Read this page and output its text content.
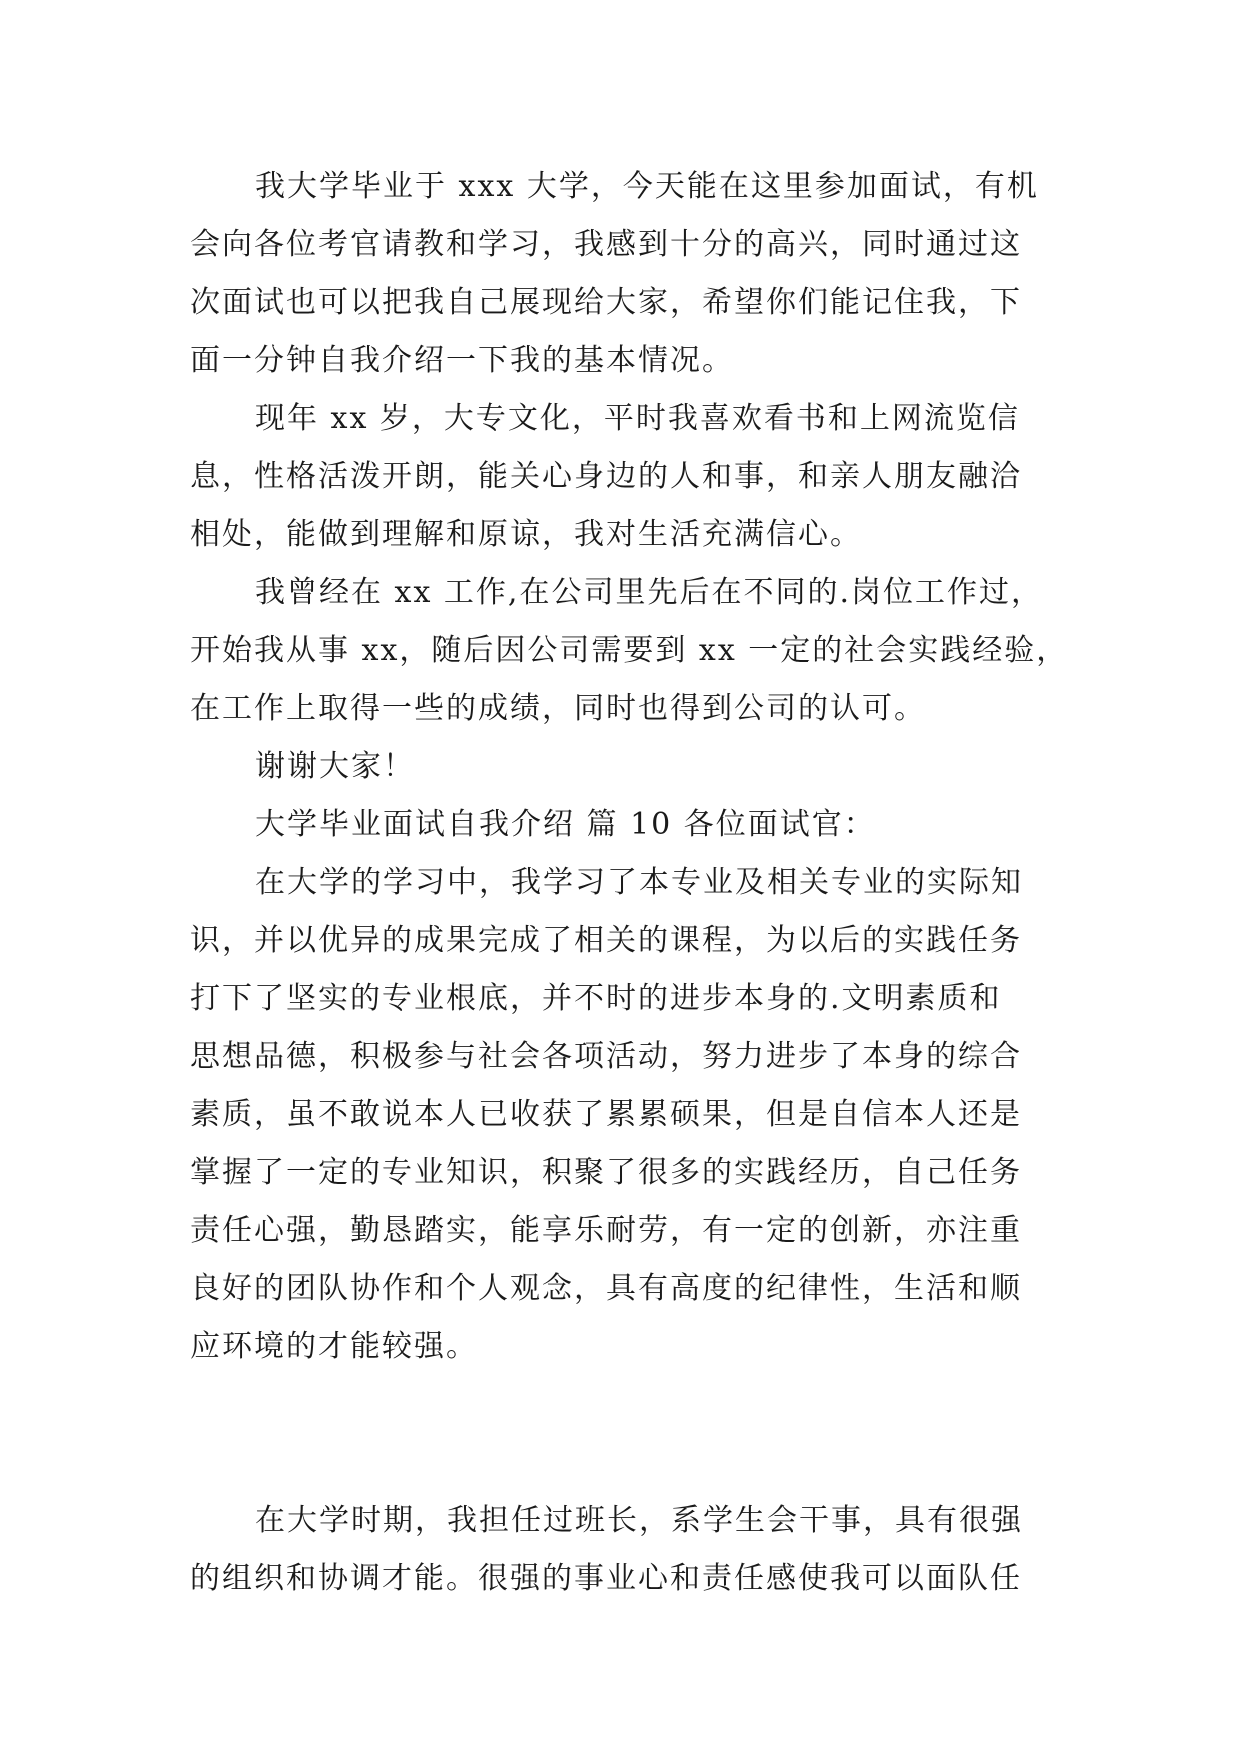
我大学毕业于 xxx 大学，今天能在这里参加面试，有机
会向各位考官请教和学习，我感到十分的高兴，同时通过这
次面试也可以把我自己展现给大家，希望你们能记住我，下
面一分钟自我介绍一下我的基本情况。
现年 xx 岁，大专文化，平时我喜欢看书和上网流览信
息，性格活泼开朗，能关心身边的人和事，和亲人朋友融洽
相处，能做到理解和原谅，我对生活充满信心。
我曾经在 xx 工作,在公司里先后在不同的.岗位工作过，
开始我从事 xx，随后因公司需要到 xx 一定的社会实践经验，
在工作上取得一些的成绩，同时也得到公司的认可。
谢谢大家！
大学毕业面试自我介绍 篇 10 各位面试官：
在大学的学习中，我学习了本专业及相关专业的实际知
识，并以优异的成果完成了相关的课程，为以后的实践任务
打下了坚实的专业根底，并不时的进步本身的.文明素质和
思想品德，积极参与社会各项活动，努力进步了本身的综合
素质，虽不敢说本人已收获了累累硕果，但是自信本人还是
掌握了一定的专业知识，积聚了很多的实践经历，自己任务
责任心强，勤恳踏实，能享乐耐劳，有一定的创新，亦注重
良好的团队协作和个人观念，具有高度的纪律性，生活和顺
应环境的才能较强。
在大学时期，我担任过班长，系学生会干事，具有很强
的组织和协调才能。很强的事业心和责任感使我可以面队任
